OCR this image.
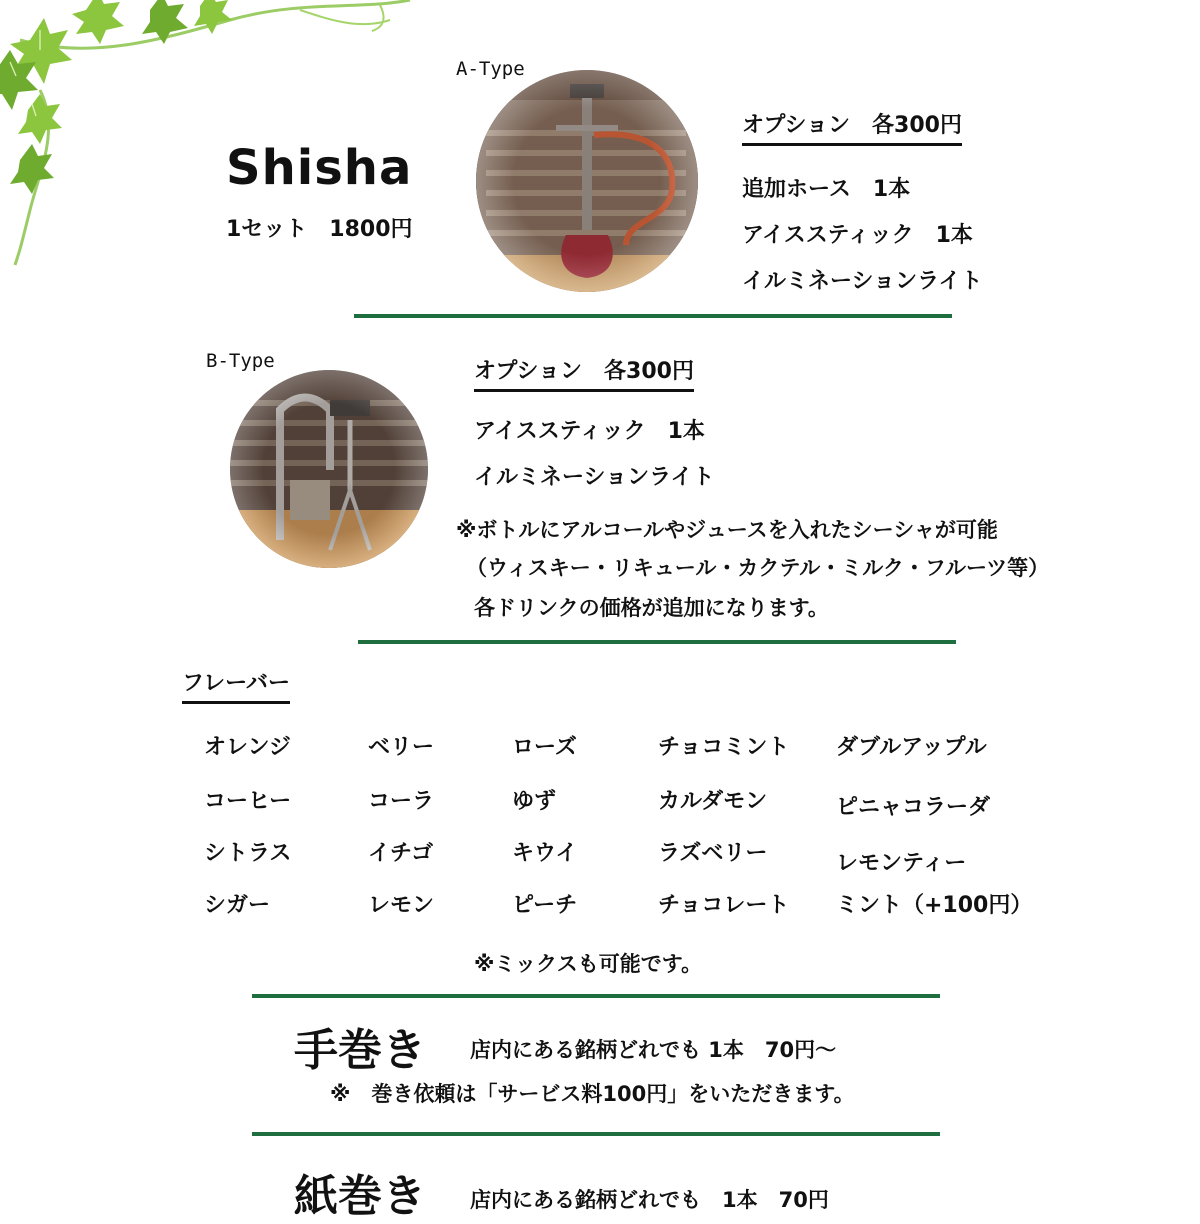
Shisha
1セット　1800円
A-Type
オプション　各300円
追加ホース　1本
アイススティック　1本
イルミネーションライト
B-Type	オプション　各300円
アイススティック　1本
イルミネーションライト
※ボトルにアルコールやジュースを入れたシーシャが可能
（ウィスキー・リキュール・カクテル・ミルク・フルーツ等）
各ドリンクの価格が追加になります。
フレーバー
オレンジ
コーヒー
シトラス
シガー
ベリー
コーラ
イチゴ
レモン
ローズ
ゆず
キウイ
ピーチ
チョコミント
カルダモン
ラズベリー
チョコレート
ダブルアップル
ピニャコラーダ
レモンティー
ミント（+100円）
※ミックスも可能です。
手巻き 店内にある銘柄どれでも 1本　70円～
※　巻き依頼は「サービス料100円」をいただきます。
紙巻き 店内にある銘柄どれでも　1本　70円
